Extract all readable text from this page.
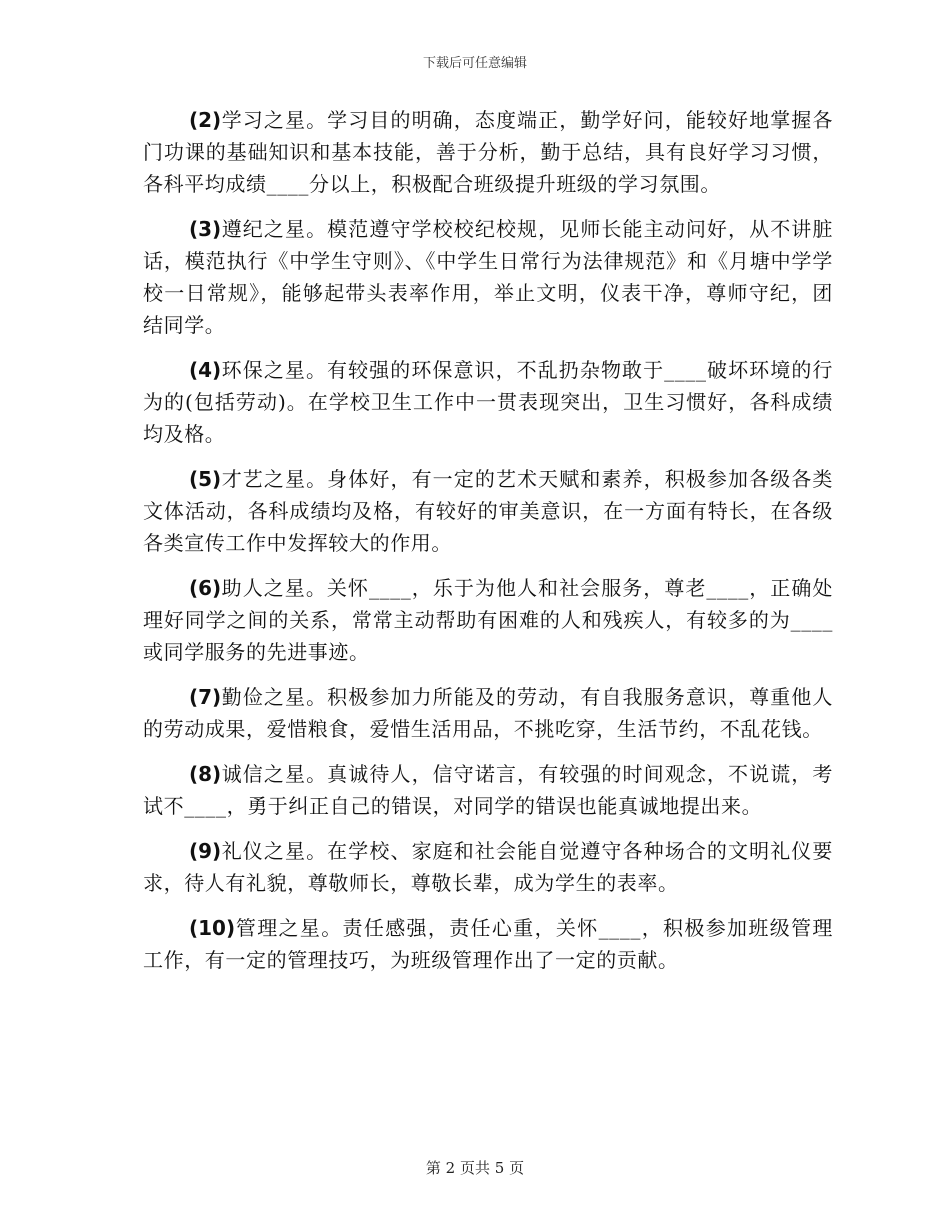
下载后可任意编辑

(2)学习之星。学习目的明确，态度端正，勤学好问，能较好地掌握各门功课的基础知识和基本技能，善于分析，勤于总结，具有良好学习习惯，各科平均成绩____分以上，积极配合班级提升班级的学习氛围。

(3)遵纪之星。模范遵守学校校纪校规，见师长能主动问好，从不讲脏话，模范执行《中学生守则》、《中学生日常行为法律规范》和《月塘中学学校一日常规》，能够起带头表率作用，举止文明，仪表干净，尊师守纪，团结同学。

(4)环保之星。有较强的环保意识，不乱扔杂物敢于____破坏环境的行为的(包括劳动)。在学校卫生工作中一贯表现突出，卫生习惯好，各科成绩均及格。

(5)才艺之星。身体好，有一定的艺术天赋和素养，积极参加各级各类文体活动，各科成绩均及格，有较好的审美意识，在一方面有特长，在各级各类宣传工作中发挥较大的作用。

(6)助人之星。关怀____，乐于为他人和社会服务，尊老____，正确处理好同学之间的关系，常常主动帮助有困难的人和残疾人，有较多的为____或同学服务的先进事迹。

(7)勤俭之星。积极参加力所能及的劳动，有自我服务意识，尊重他人的劳动成果，爱惜粮食，爱惜生活用品，不挑吃穿，生活节约，不乱花钱。

(8)诚信之星。真诚待人，信守诺言，有较强的时间观念，不说谎，考试不____，勇于纠正自己的错误，对同学的错误也能真诚地提出来。

(9)礼仪之星。在学校、家庭和社会能自觉遵守各种场合的文明礼仪要求，待人有礼貌，尊敬师长，尊敬长辈，成为学生的表率。

(10)管理之星。责任感强，责任心重，关怀____，积极参加班级管理工作，有一定的管理技巧，为班级管理作出了一定的贡献。

第 2 页共 5 页
